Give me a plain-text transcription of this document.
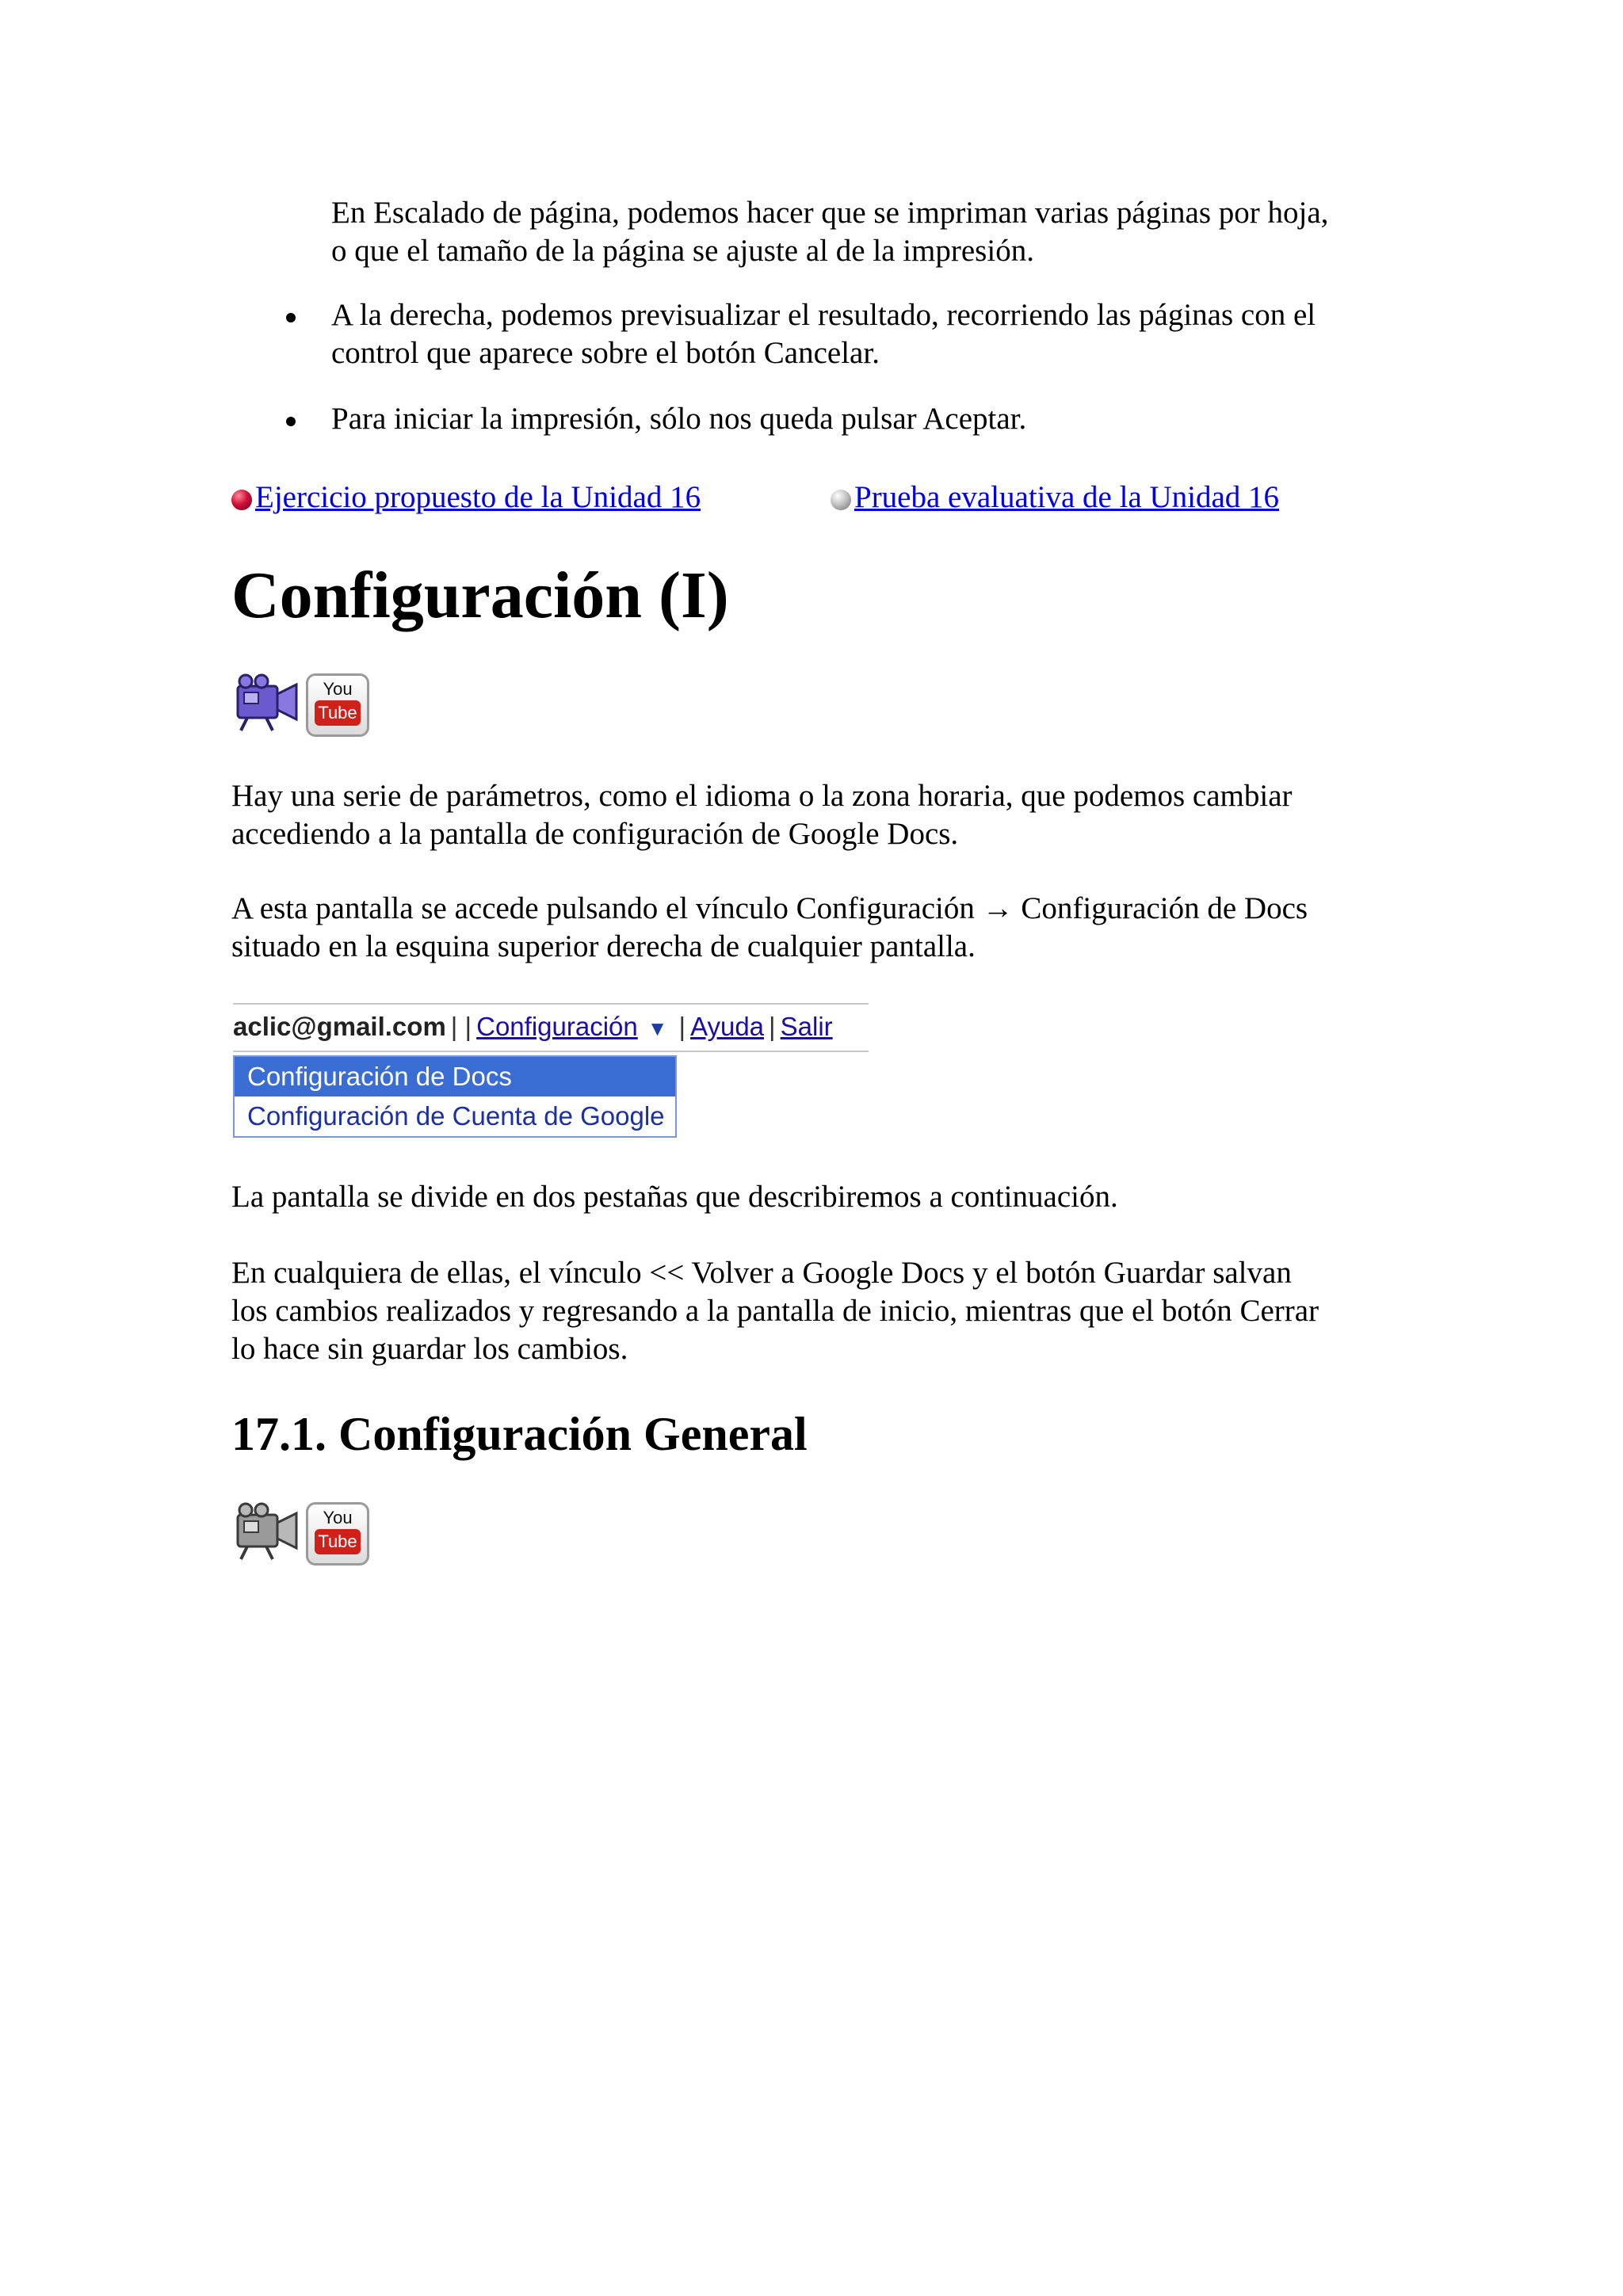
En Escalado de página, podemos hacer que se impriman varias páginas por hoja,
o que el tamaño de la página se ajuste al de la impresión.

A la derecha, podemos previsualizar el resultado, recorriendo las páginas con el
control que aparece sobre el botón Cancelar.

Para iniciar la impresión, sólo nos queda pulsar Aceptar.

Ejercicio propuesto de la Unidad 16	Prueba evaluativa de la Unidad 16
Configuración (I)
You
Tube

Hay una serie de parámetros, como el idioma o la zona horaria, que podemos cambiar
accediendo a la pantalla de configuración de Google Docs.

A esta pantalla se accede pulsando el vínculo Configuración → Configuración de Docs
situado en la esquina superior derecha de cualquier pantalla.

aclic@gmail.com | | Configuración ▼ | Ayuda | Salir
Configuración de Docs
Configuración de Cuenta de Google

La pantalla se divide en dos pestañas que describiremos a continuación.

En cualquiera de ellas, el vínculo << Volver a Google Docs y el botón Guardar salvan
los cambios realizados y regresando a la pantalla de inicio, mientras que el botón Cerrar
lo hace sin guardar los cambios.

17.1. Configuración General
You
Tube
